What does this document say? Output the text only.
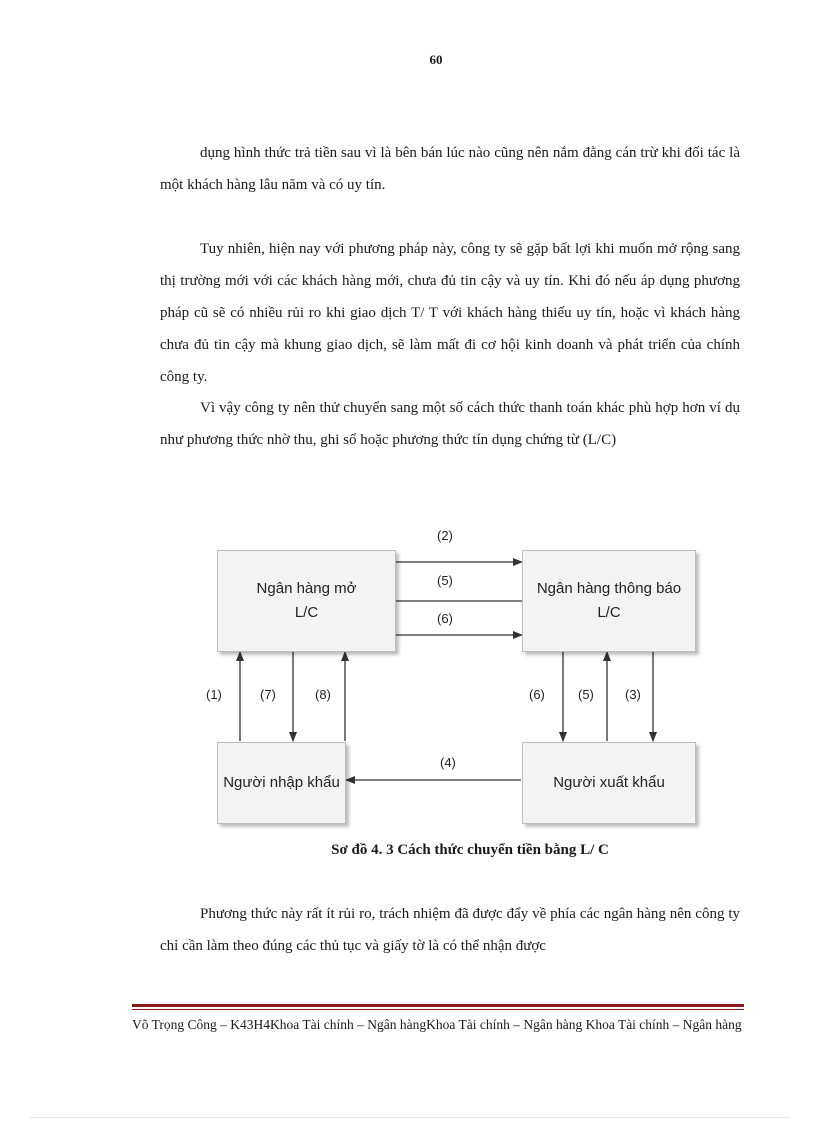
60

dụng hình thức trả tiền sau vì là bên bán lúc nào cũng nên nắm đằng cán trừ khi đối tác là một khách hàng lâu năm và có uy tín.

Tuy nhiên, hiện nay với phương pháp này, công ty sẽ gặp bất lợi khi muốn mở rộng sang thị trường mới với các khách hàng mới, chưa đủ tin cậy và uy tín. Khi đó nếu áp dụng phương pháp cũ sẽ có nhiều rủi ro khi giao dịch T/ T với khách hàng thiếu uy tín, hoặc vì khách hàng chưa đủ tin cậy mà khung giao dịch, sẽ làm mất đi cơ hội kinh doanh và phát triển của chính công ty.

Vì vậy công ty nên thử chuyển sang một số cách thức thanh toán khác phù hợp hơn ví dụ như phương thức nhờ thu, ghi sổ hoặc phương thức tín dụng chứng từ (L/C)

Ngân hàng mở
L/C
Ngân hàng thông báo
L/C
Người nhập khẩu	Người xuất khẩu
(2)
(5)
(6)
(1)	(7)	(8)	(6)	(5) (3)
(4)
Sơ đồ 4. 3 Cách thức chuyển tiền bằng L/ C

Phương thức này rất ít rủi ro, trách nhiệm đã được đẩy về phía các ngân hàng nên công ty chỉ cần làm theo đúng các thủ tục và giấy tờ là có thể nhận được

Võ Trọng Công – K43H4Khoa Tài chính – Ngân hàngKhoa Tài chính – Ngân hàng Khoa Tài chính – Ngân hàng
